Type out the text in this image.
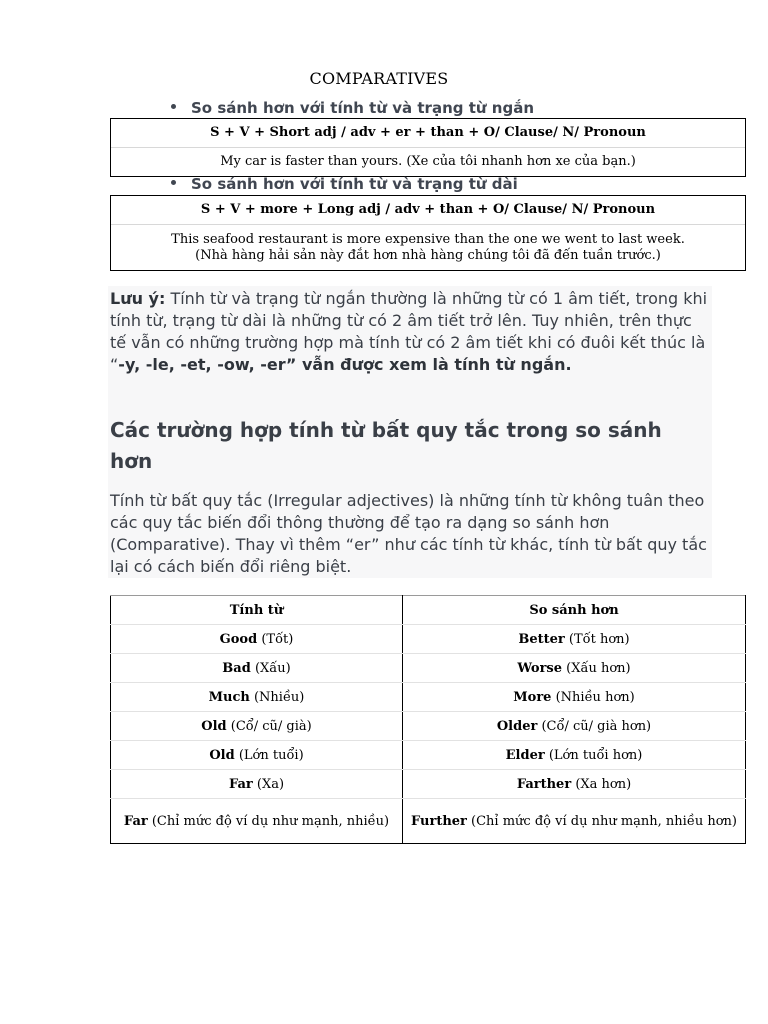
COMPARATIVES
So sánh hơn với tính từ và trạng từ ngắn
S + V + Short adj / adv + er + than + O/ Clause/ N/ Pronoun
My car is faster than yours. (Xe của tôi nhanh hơn xe của bạn.)
So sánh hơn với tính từ và trạng từ dài
S + V + more + Long adj / adv + than + O/ Clause/ N/ Pronoun
This seafood restaurant is more expensive than the one we went to last week.
(Nhà hàng hải sản này đắt hơn nhà hàng chúng tôi đã đến tuần trước.)
Lưu ý: Tính từ và trạng từ ngắn thường là những từ có 1 âm tiết, trong khi tính từ, trạng từ dài là những từ có 2 âm tiết trở lên. Tuy nhiên, trên thực tế vẫn có những trường hợp mà tính từ có 2 âm tiết khi có đuôi kết thúc là “-y, -le, -et, -ow, -er” vẫn được xem là tính từ ngắn.
Các trường hợp tính từ bất quy tắc trong so sánh hơn
Tính từ bất quy tắc (Irregular adjectives) là những tính từ không tuân theo các quy tắc biến đổi thông thường để tạo ra dạng so sánh hơn (Comparative). Thay vì thêm “er” như các tính từ khác, tính từ bất quy tắc lại có cách biến đổi riêng biệt.
Tính từ	So sánh hơn
Good (Tốt)	Better (Tốt hơn)
Bad (Xấu)	Worse (Xấu hơn)
Much (Nhiều)	More (Nhiều hơn)
Old (Cổ/ cũ/ già)	Older (Cổ/ cũ/ già hơn)
Old (Lớn tuổi)	Elder (Lớn tuổi hơn)
Far (Xa)	Farther (Xa hơn)
Far (Chỉ mức độ ví dụ như mạnh, nhiều)	Further (Chỉ mức độ ví dụ như mạnh, nhiều hơn)
